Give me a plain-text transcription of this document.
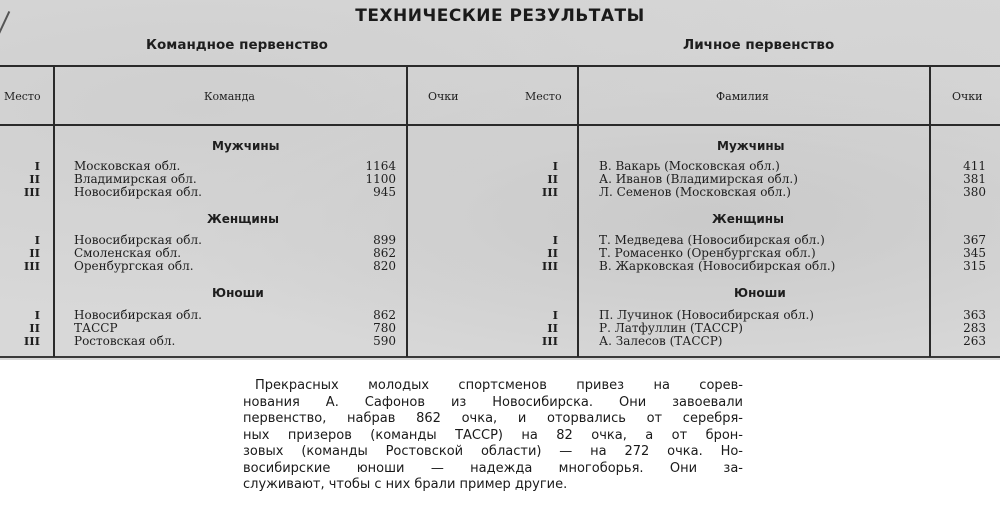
ТЕХНИЧЕСКИЕ РЕЗУЛЬТАТЫ
Командное первенство	Личное первенство
Место	Команда	Очки	Место	Фамилия	Очки
Мужчины
I	Московская обл.	1164
II	Владимирская обл.	1100
III	Новосибирская обл.	945
Женщины
I	Новосибирская обл.	899
II	Смоленская обл.	862
III	Оренбургская обл.	820
Юноши
I	Новосибирская обл.	862
II	ТАССР	780
III	Ростовская обл.	590
Мужчины
I	В. Вакарь (Московская обл.)	411
II	А. Иванов (Владимирская обл.)	381
III	Л. Семенов (Московская обл.)	380
Женщины
I	Т. Медведева (Новосибирская обл.)	367
II	Т. Ромасенко (Оренбургская обл.)	345
III	В. Жарковская (Новосибирская обл.)	315
Юноши
I	П. Лучинок (Новосибирская обл.)	363
II	Р. Латфуллин (ТАССР)	283
III	А. Залесов (ТАССР)	263
Прекрасных молодых спортсменов привез на сорев-
нования А. Сафонов из Новосибирска. Они завоевали
первенство, набрав 862 очка, и оторвались от серебря-
ных призеров (команды ТАССР) на 82 очка, а от брон-
зовых (команды Ростовской области) — на 272 очка. Но-
восибирские юноши — надежда многоборья. Они за-
служивают, чтобы с них брали пример другие.
